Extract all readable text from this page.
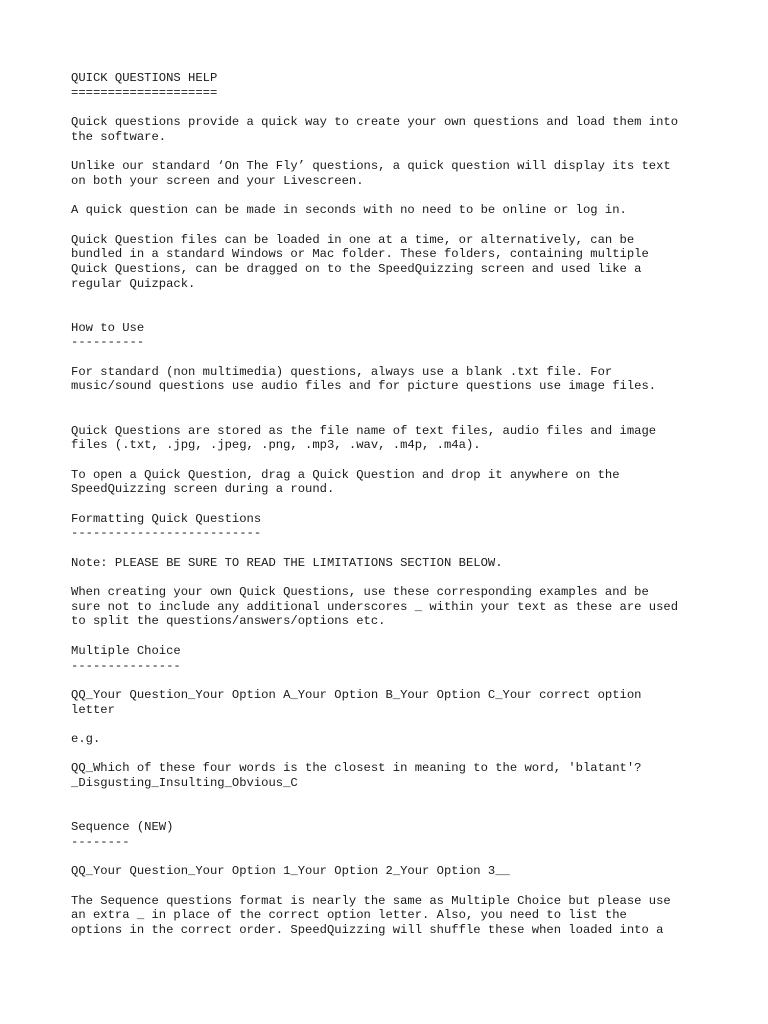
QUICK QUESTIONS HELP
====================
Quick questions provide a quick way to create your own questions and load them into
the software.
Unlike our standard ‘On The Fly’ questions, a quick question will display its text
on both your screen and your Livescreen.
A quick question can be made in seconds with no need to be online or log in.
Quick Question files can be loaded in one at a time, or alternatively, can be
bundled in a standard Windows or Mac folder. These folders, containing multiple
Quick Questions, can be dragged on to the SpeedQuizzing screen and used like a
regular Quizpack.
How to Use
----------
For standard (non multimedia) questions, always use a blank .txt file. For
music/sound questions use audio files and for picture questions use image files.
Quick Questions are stored as the file name of text files, audio files and image
files (.txt, .jpg, .jpeg, .png, .mp3, .wav, .m4p, .m4a).
To open a Quick Question, drag a Quick Question and drop it anywhere on the
SpeedQuizzing screen during a round.
Formatting Quick Questions
--------------------------
Note: PLEASE BE SURE TO READ THE LIMITATIONS SECTION BELOW.
When creating your own Quick Questions, use these corresponding examples and be
sure not to include any additional underscores _ within your text as these are used
to split the questions/answers/options etc.
Multiple Choice
---------------
QQ_Your Question_Your Option A_Your Option B_Your Option C_Your correct option
letter
e.g.
QQ_Which of these four words is the closest in meaning to the word, 'blatant'?
_Disgusting_Insulting_Obvious_C
Sequence (NEW)
--------
QQ_Your Question_Your Option 1_Your Option 2_Your Option 3__
The Sequence questions format is nearly the same as Multiple Choice but please use
an extra _ in place of the correct option letter. Also, you need to list the
options in the correct order. SpeedQuizzing will shuffle these when loaded into a
